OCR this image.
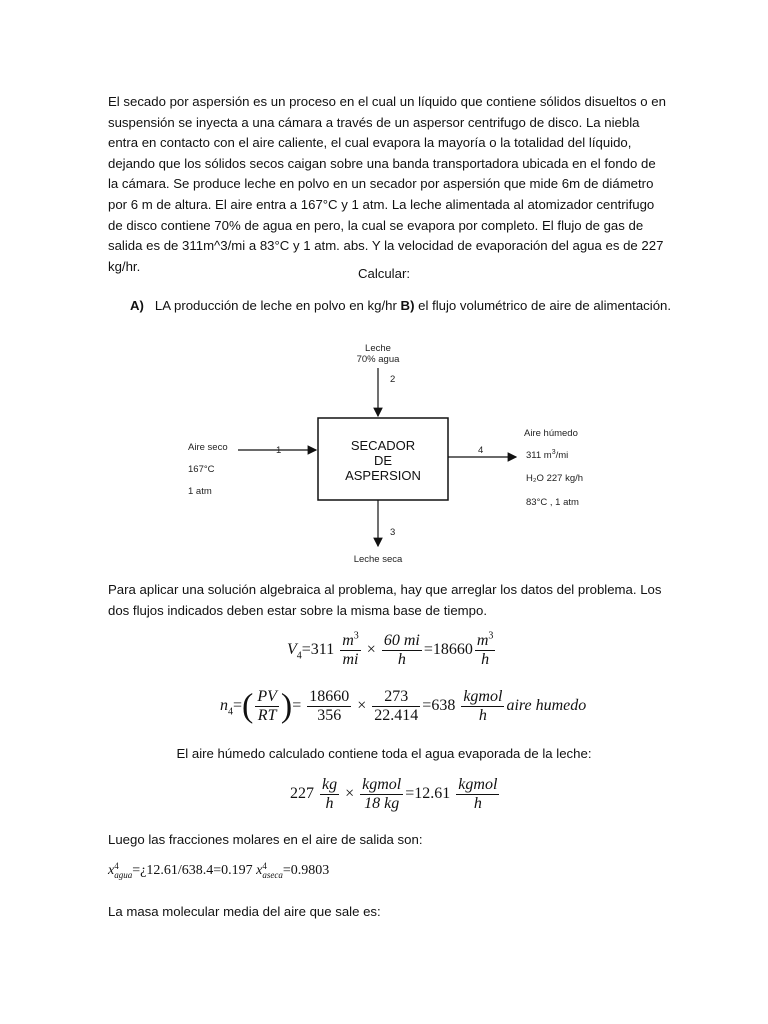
El secado por aspersión es un proceso en el cual un líquido que contiene sólidos disueltos o en suspensión se inyecta a una cámara a través de un aspersor centrifugo de disco. La niebla entra en contacto con el aire caliente, el cual evapora la mayoría o la totalidad del líquido, dejando que los sólidos secos caigan sobre una banda transportadora ubicada en el fondo de la cámara. Se produce leche en polvo en un secador por aspersión que mide 6m de diámetro por 6 m de altura. El aire entra a 167°C y 1 atm. La leche alimentada al atomizador centrifugo de disco contiene 70% de agua en pero, la cual se evapora por completo. El flujo de gas de salida es de 311m^3/mi a 83°C y 1 atm. abs. Y la velocidad de evaporación del agua es de 227 kg/hr.	Calcular:
A) LA producción de leche en polvo en kg/hr B) el flujo volumétrico de aire de alimentación.
SECADOR
DE
ASPERSION
Leche
70% agua
2
Aire seco
167°C
1 atm
1	4
Aire húmedo
311 $m^3/mi$
H₂O 227 kg/h
83°C , 1 atm
3
Leche seca

Para aplicar una solución algebraica al problema, hay que arreglar los datos del problema. Los dos flujos indicados deben estar sobre la misma base de tiempo.

$V_4=311 \frac{m^3}{mi} \times \frac{60 mi}{h} =18660 \frac{m^3}{h}$
$n_4=( \frac{PV}{RT}$ )= $\frac{18660}{356} \times \frac{273}{22.414} =638 \frac{\text{kgmol}}{h}$ aire humedo
El aire húmedo calculado contiene toda el agua evaporada de la leche:
$227 \frac{kg}{h} \times \frac{\text{kgmol}}{18 kg} =12.61 \frac{\text{kgmol}}{h}$

Luego las fracciones molares en el aire de salida son:

x 4
agua =¿12.61/638.4=0.197 x 4
aseca =0.9803

La masa molecular media del aire que sale es:
